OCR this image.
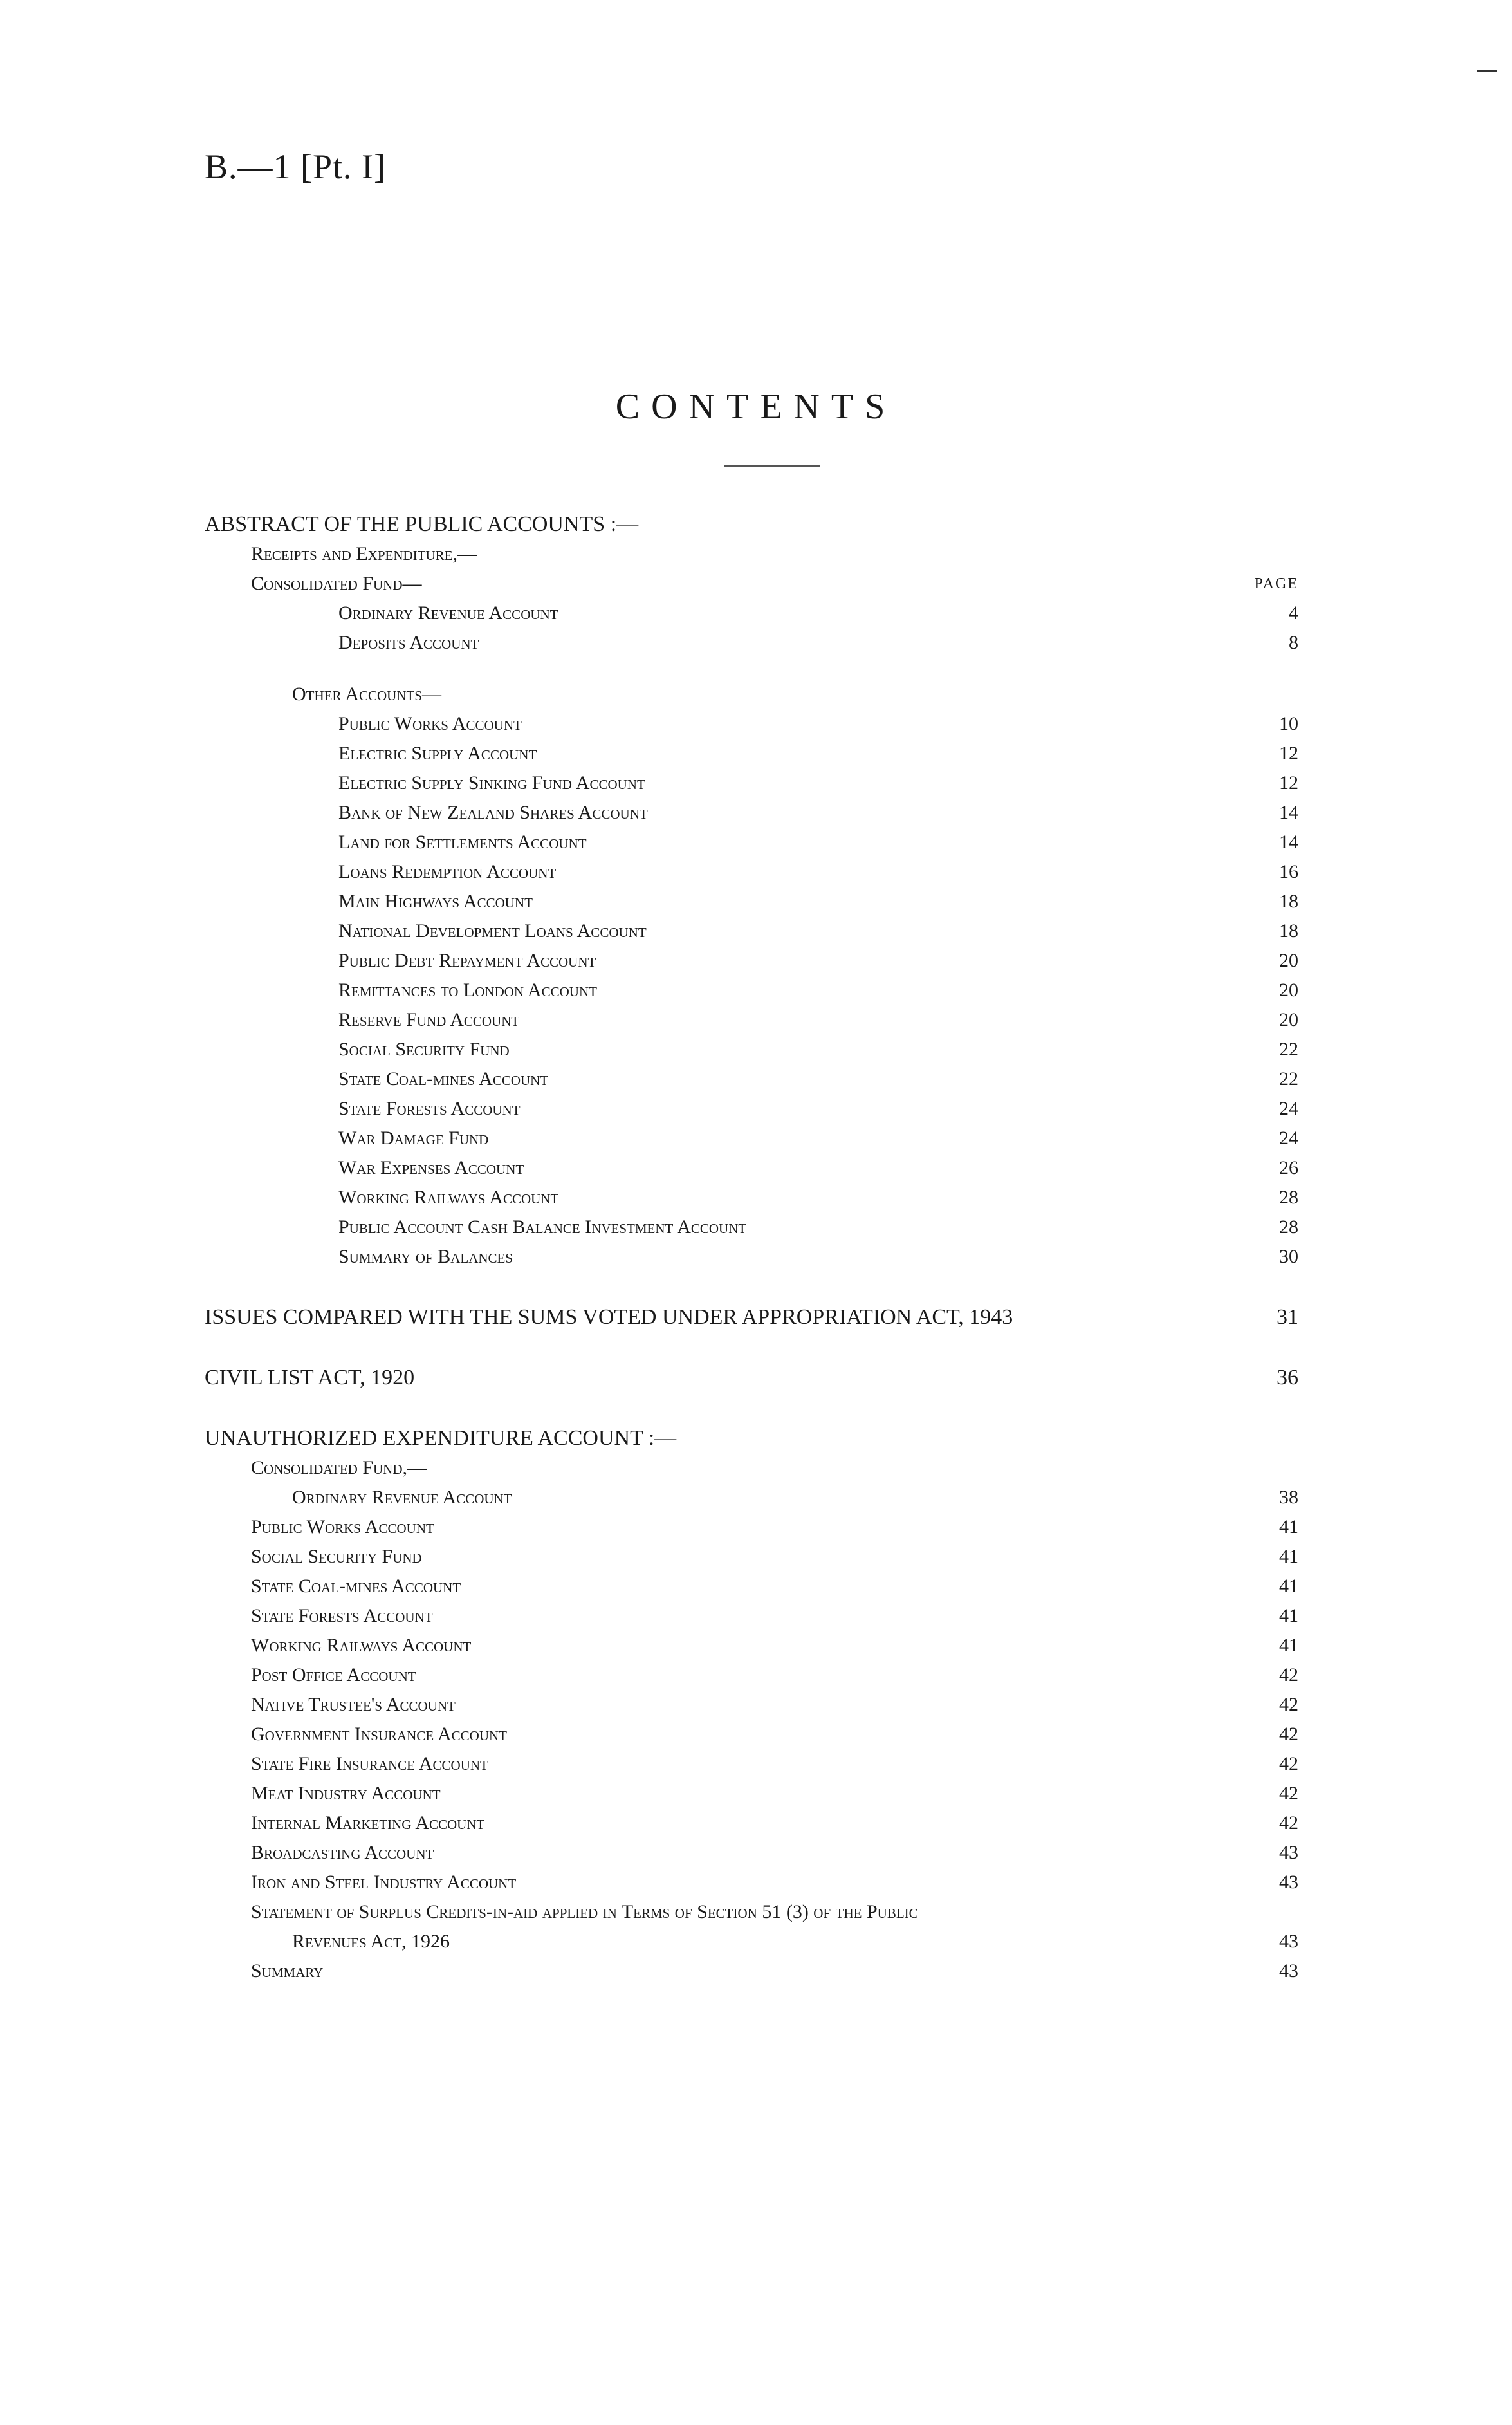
B.—1 [Pt. I]
CONTENTS
ABSTRACT OF THE PUBLIC ACCOUNTS :—
Receipts and Expenditure,—
Consolidated Fund—	PAGE
Ordinary Revenue Account	4
Deposits Account	8
Other Accounts—
Public Works Account	10
Electric Supply Account	12
Electric Supply Sinking Fund Account	12
Bank of New Zealand Shares Account	14
Land for Settlements Account	14
Loans Redemption Account	16
Main Highways Account	18
National Development Loans Account	18
Public Debt Repayment Account	20
Remittances to London Account	20
Reserve Fund Account	20
Social Security Fund	22
State Coal-mines Account	22
State Forests Account	24
War Damage Fund	24
War Expenses Account	26
Working Railways Account	28
Public Account Cash Balance Investment Account	28
Summary of Balances	30
ISSUES COMPARED WITH THE SUMS VOTED UNDER APPROPRIATION ACT, 1943	31
CIVIL LIST ACT, 1920	36
UNAUTHORIZED EXPENDITURE ACCOUNT :—
Consolidated Fund,—
Ordinary Revenue Account	38
Public Works Account	41
Social Security Fund	41
State Coal-mines Account	41
State Forests Account	41
Working Railways Account	41
Post Office Account	42
Native Trustee's Account	42
Government Insurance Account	42
State Fire Insurance Account	42
Meat Industry Account	42
Internal Marketing Account	42
Broadcasting Account	43
Iron and Steel Industry Account	43
Statement of Surplus Credits-in-aid applied in Terms of Section 51 (3) of the Public
Revenues Act, 1926	43
Summary	43
